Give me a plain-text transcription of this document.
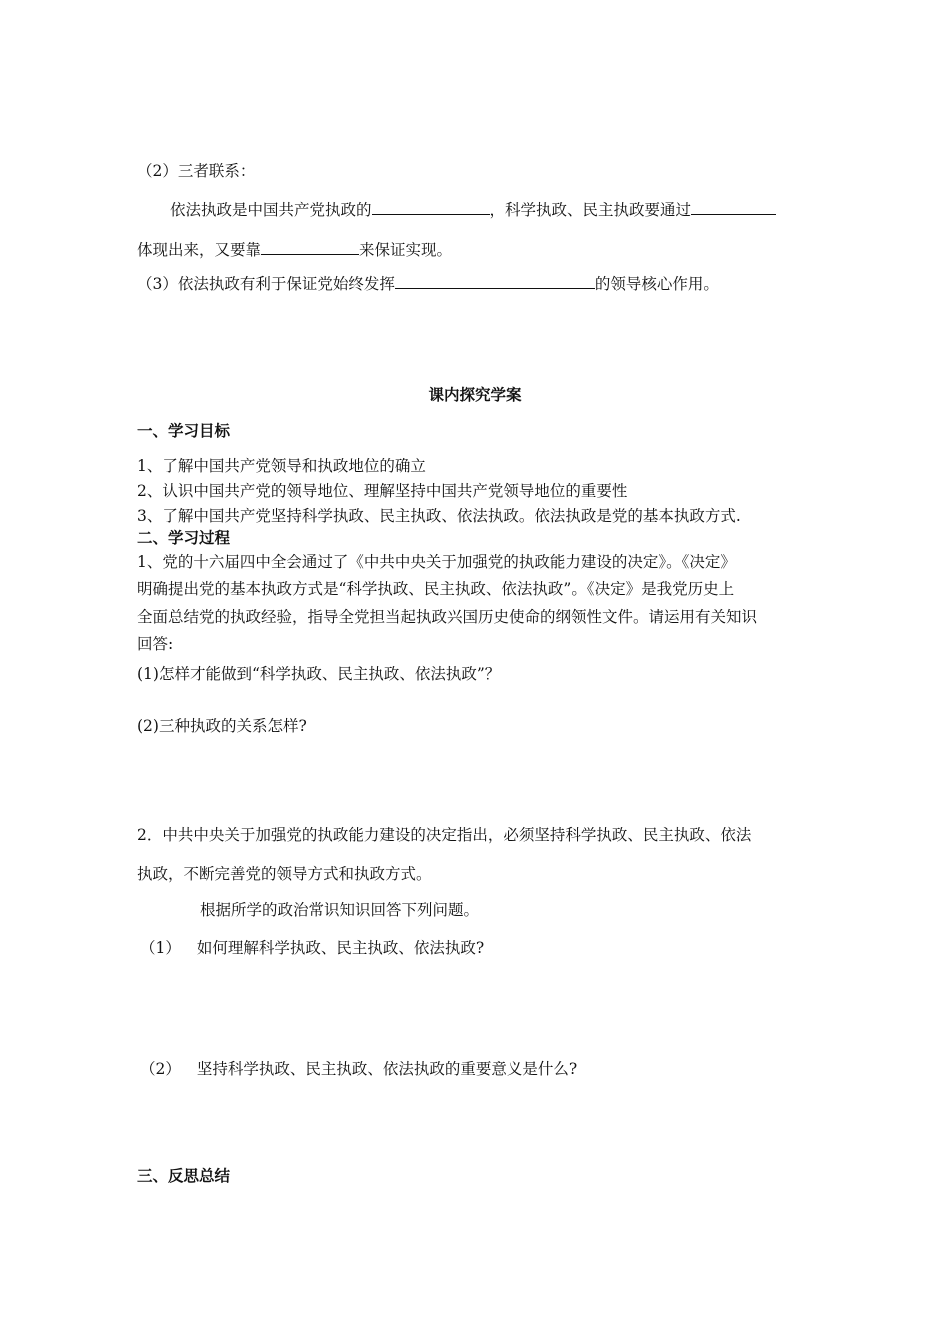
（2）三者联系：
依法执政是中国共产党执政的	，科学执政、民主执政要通过
体现出来，又要靠	来保证实现。
（3）依法执政有利于保证党始终发挥	的领导核心作用。
课内探究学案
一、学习目标
1、了解中国共产党领导和执政地位的确立
2、认识中国共产党的领导地位、理解坚持中国共产党领导地位的重要性
3、了解中国共产党坚持科学执政、民主执政、依法执政。依法执政是党的基本执政方式.
二、学习过程
1、党的十六届四中全会通过了《中共中央关于加强党的执政能力建设的决定》。《决定》
明确提出党的基本执政方式是“科学执政、民主执政、依法执政”。《决定》是我党历史上
全面总结党的执政经验，指导全党担当起执政兴国历史使命的纲领性文件。请运用有关知识
回答:
(1)怎样才能做到“科学执政、民主执政、依法执政”？
(2)三种执政的关系怎样?
2．中共中央关于加强党的执政能力建设的决定指出，必须坚持科学执政、民主执政、依法
执政，不断完善党的领导方式和执政方式。
根据所学的政治常识知识回答下列问题。
（1） 如何理解科学执政、民主执政、依法执政?
（2） 坚持科学执政、民主执政、依法执政的重要意义是什么?
三、反思总结
